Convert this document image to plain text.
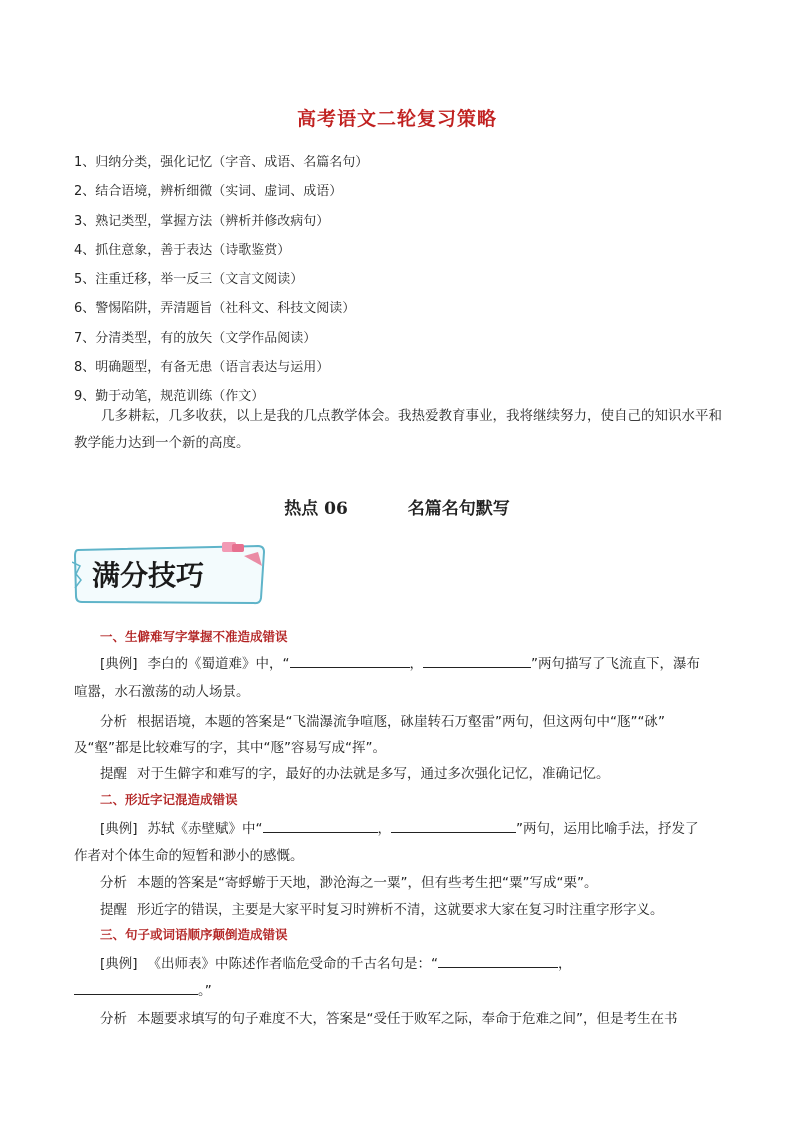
高考语文二轮复习策略
1、归纳分类，强化记忆（字音、成语、名篇名句）
2、结合语境，辨析细微（实词、虚词、成语）
3、熟记类型，掌握方法（辨析并修改病句）
4、抓住意象，善于表达（诗歌鉴赏）
5、注重迁移，举一反三（文言文阅读）
6、警惕陷阱，弄清题旨（社科文、科技文阅读）
7、分清类型，有的放矢（文学作品阅读）
8、明确题型，有备无患（语言表达与运用）
9、勤于动笔，规范训练（作文）

几多耕耘，几多收获，以上是我的几点教学体会。我热爱教育事业，我将继续努力，使自己的知识水平和教学能力达到一个新的高度。

热点 06	名篇名句默写
满分技巧
一、生僻难写字掌握不准造成错误
[典例] 李白的《蜀道难》中，“	，	”两句描写了飞流直下，瀑布
喧嚣，水石激荡的动人场景。
分析 根据语境，本题的答案是“飞湍瀑流争喧豗，砯崖转石万壑雷”两句，但这两句中“豗”“砯”
及“壑”都是比较难写的字，其中“豗”容易写成“挥”。
提醒 对于生僻字和难写的字，最好的办法就是多写，通过多次强化记忆，准确记忆。
二、形近字记混造成错误
[典例] 苏轼《赤壁赋》中“	，	”两句，运用比喻手法，抒发了
作者对个体生命的短暂和渺小的感慨。
分析 本题的答案是“寄蜉蝣于天地，渺沧海之一粟”，但有些考生把“粟”写成“栗”。
提醒 形近字的错误，主要是大家平时复习时辨析不清，这就要求大家在复习时注重字形字义。
三、句子或词语顺序颠倒造成错误
[典例] 《出师表》中陈述作者临危受命的千古名句是：“	，
。”
分析 本题要求填写的句子难度不大，答案是“受任于败军之际，奉命于危难之间”，但是考生在书
